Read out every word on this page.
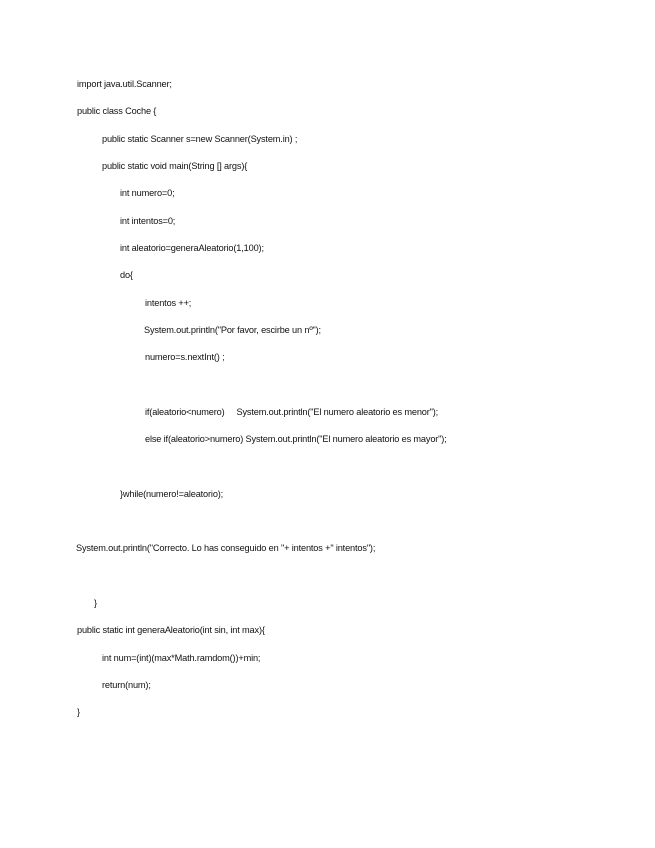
import java.util.Scanner;
public class Coche {
public static Scanner s=new Scanner(System.in) ;
public static void main(String [] args){
int numero=0;
int intentos=0;
int aleatorio=generaAleatorio(1,100);
do{
intentos ++;
System.out.println("Por favor, escirbe un nº");
numero=s.nextInt() ;
if(aleatorio<numero)     System.out.println("El numero aleatorio es menor");
else if(aleatorio>numero) System.out.println("El numero aleatorio es mayor");
}while(numero!=aleatorio);
System.out.println("Correcto. Lo has conseguido en "+ intentos +" intentos");
}
public static int generaAleatorio(int sin, int max){
int num=(int)(max*Math.ramdom())+min;
return(num);
}
